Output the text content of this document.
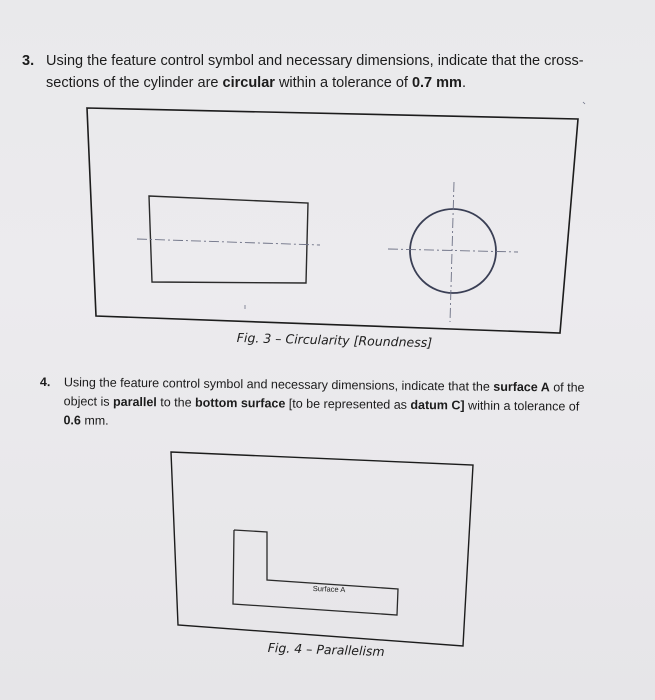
3. Using the feature control symbol and necessary dimensions, indicate that the cross-sections of the cylinder are circular within a tolerance of 0.7 mm.
Surface A
Fig. 3 – Circularity [Roundness]
4. Using the feature control symbol and necessary dimensions, indicate that the surface A of the object is parallel to the bottom surface [to be represented as datum C] within a tolerance of 0.6 mm.
Fig. 4 – Parallelism
